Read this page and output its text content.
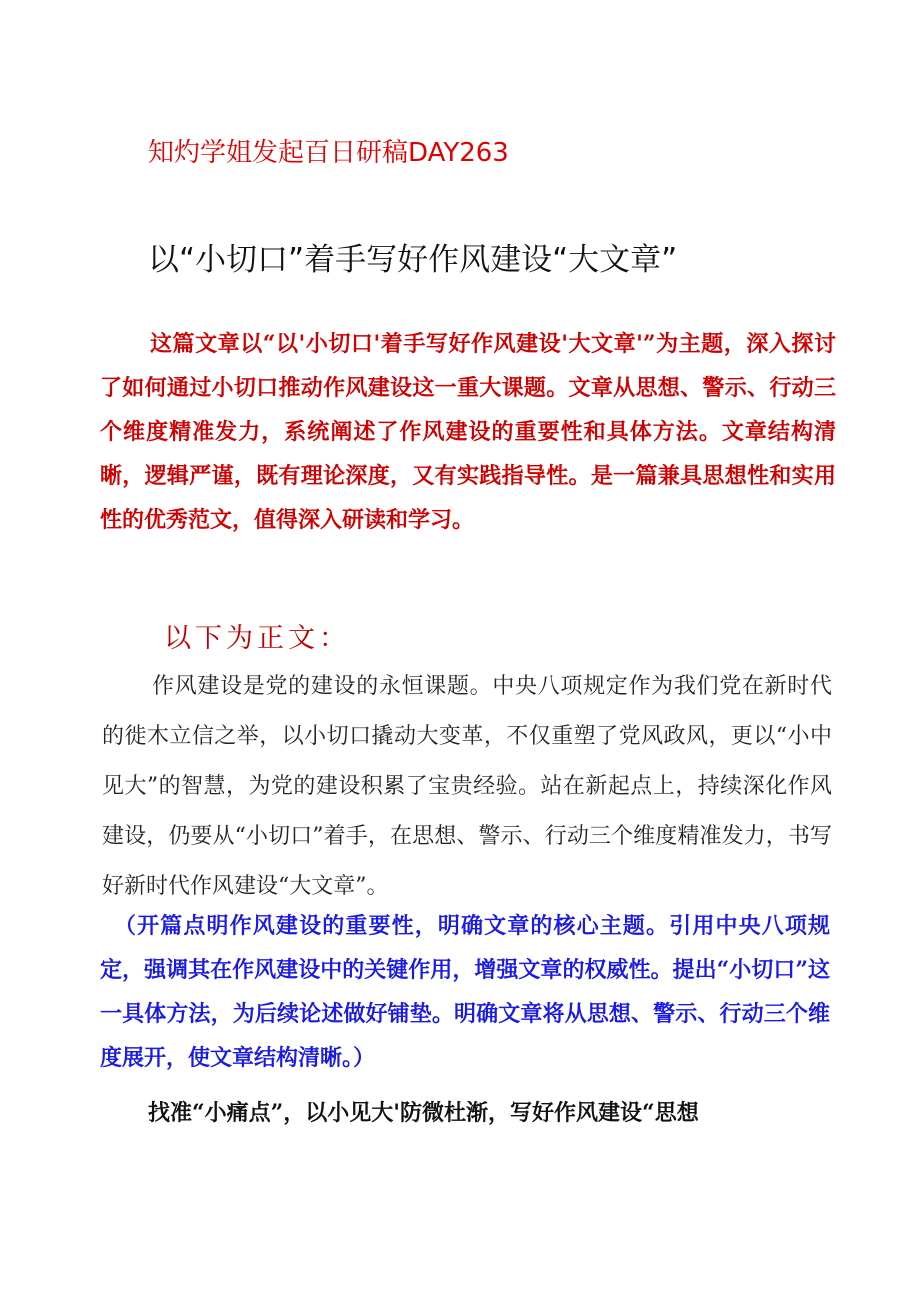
知灼学姐发起百日研稿DAY263
以“小切口”着手写好作风建设“大文章”

这篇文章以“以'小切口'着手写好作风建设'大文章'”为主题，深入探讨了如何通过小切口推动作风建设这一重大课题。文章从思想、警示、行动三个维度精准发力，系统阐述了作风建设的重要性和具体方法。文章结构清晰，逻辑严谨，既有理论深度，又有实践指导性。是一篇兼具思想性和实用性的优秀范文，值得深入研读和学习。

以下为正文：

作风建设是党的建设的永恒课题。中央八项规定作为我们党在新时代的徙木立信之举，以小切口撬动大变革，不仅重塑了党风政风，更以“小中见大”的智慧，为党的建设积累了宝贵经验。站在新起点上，持续深化作风建设，仍要从“小切口”着手，在思想、警示、行动三个维度精准发力，书写好新时代作风建设“大文章”。

（开篇点明作风建设的重要性，明确文章的核心主题。引用中央八项规定，强调其在作风建设中的关键作用，增强文章的权威性。提出“小切口”这一具体方法，为后续论述做好铺垫。明确文章将从思想、警示、行动三个维度展开，使文章结构清晰。）

找准“小痛点”，以小见大'防微杜渐，写好作风建设“思想
